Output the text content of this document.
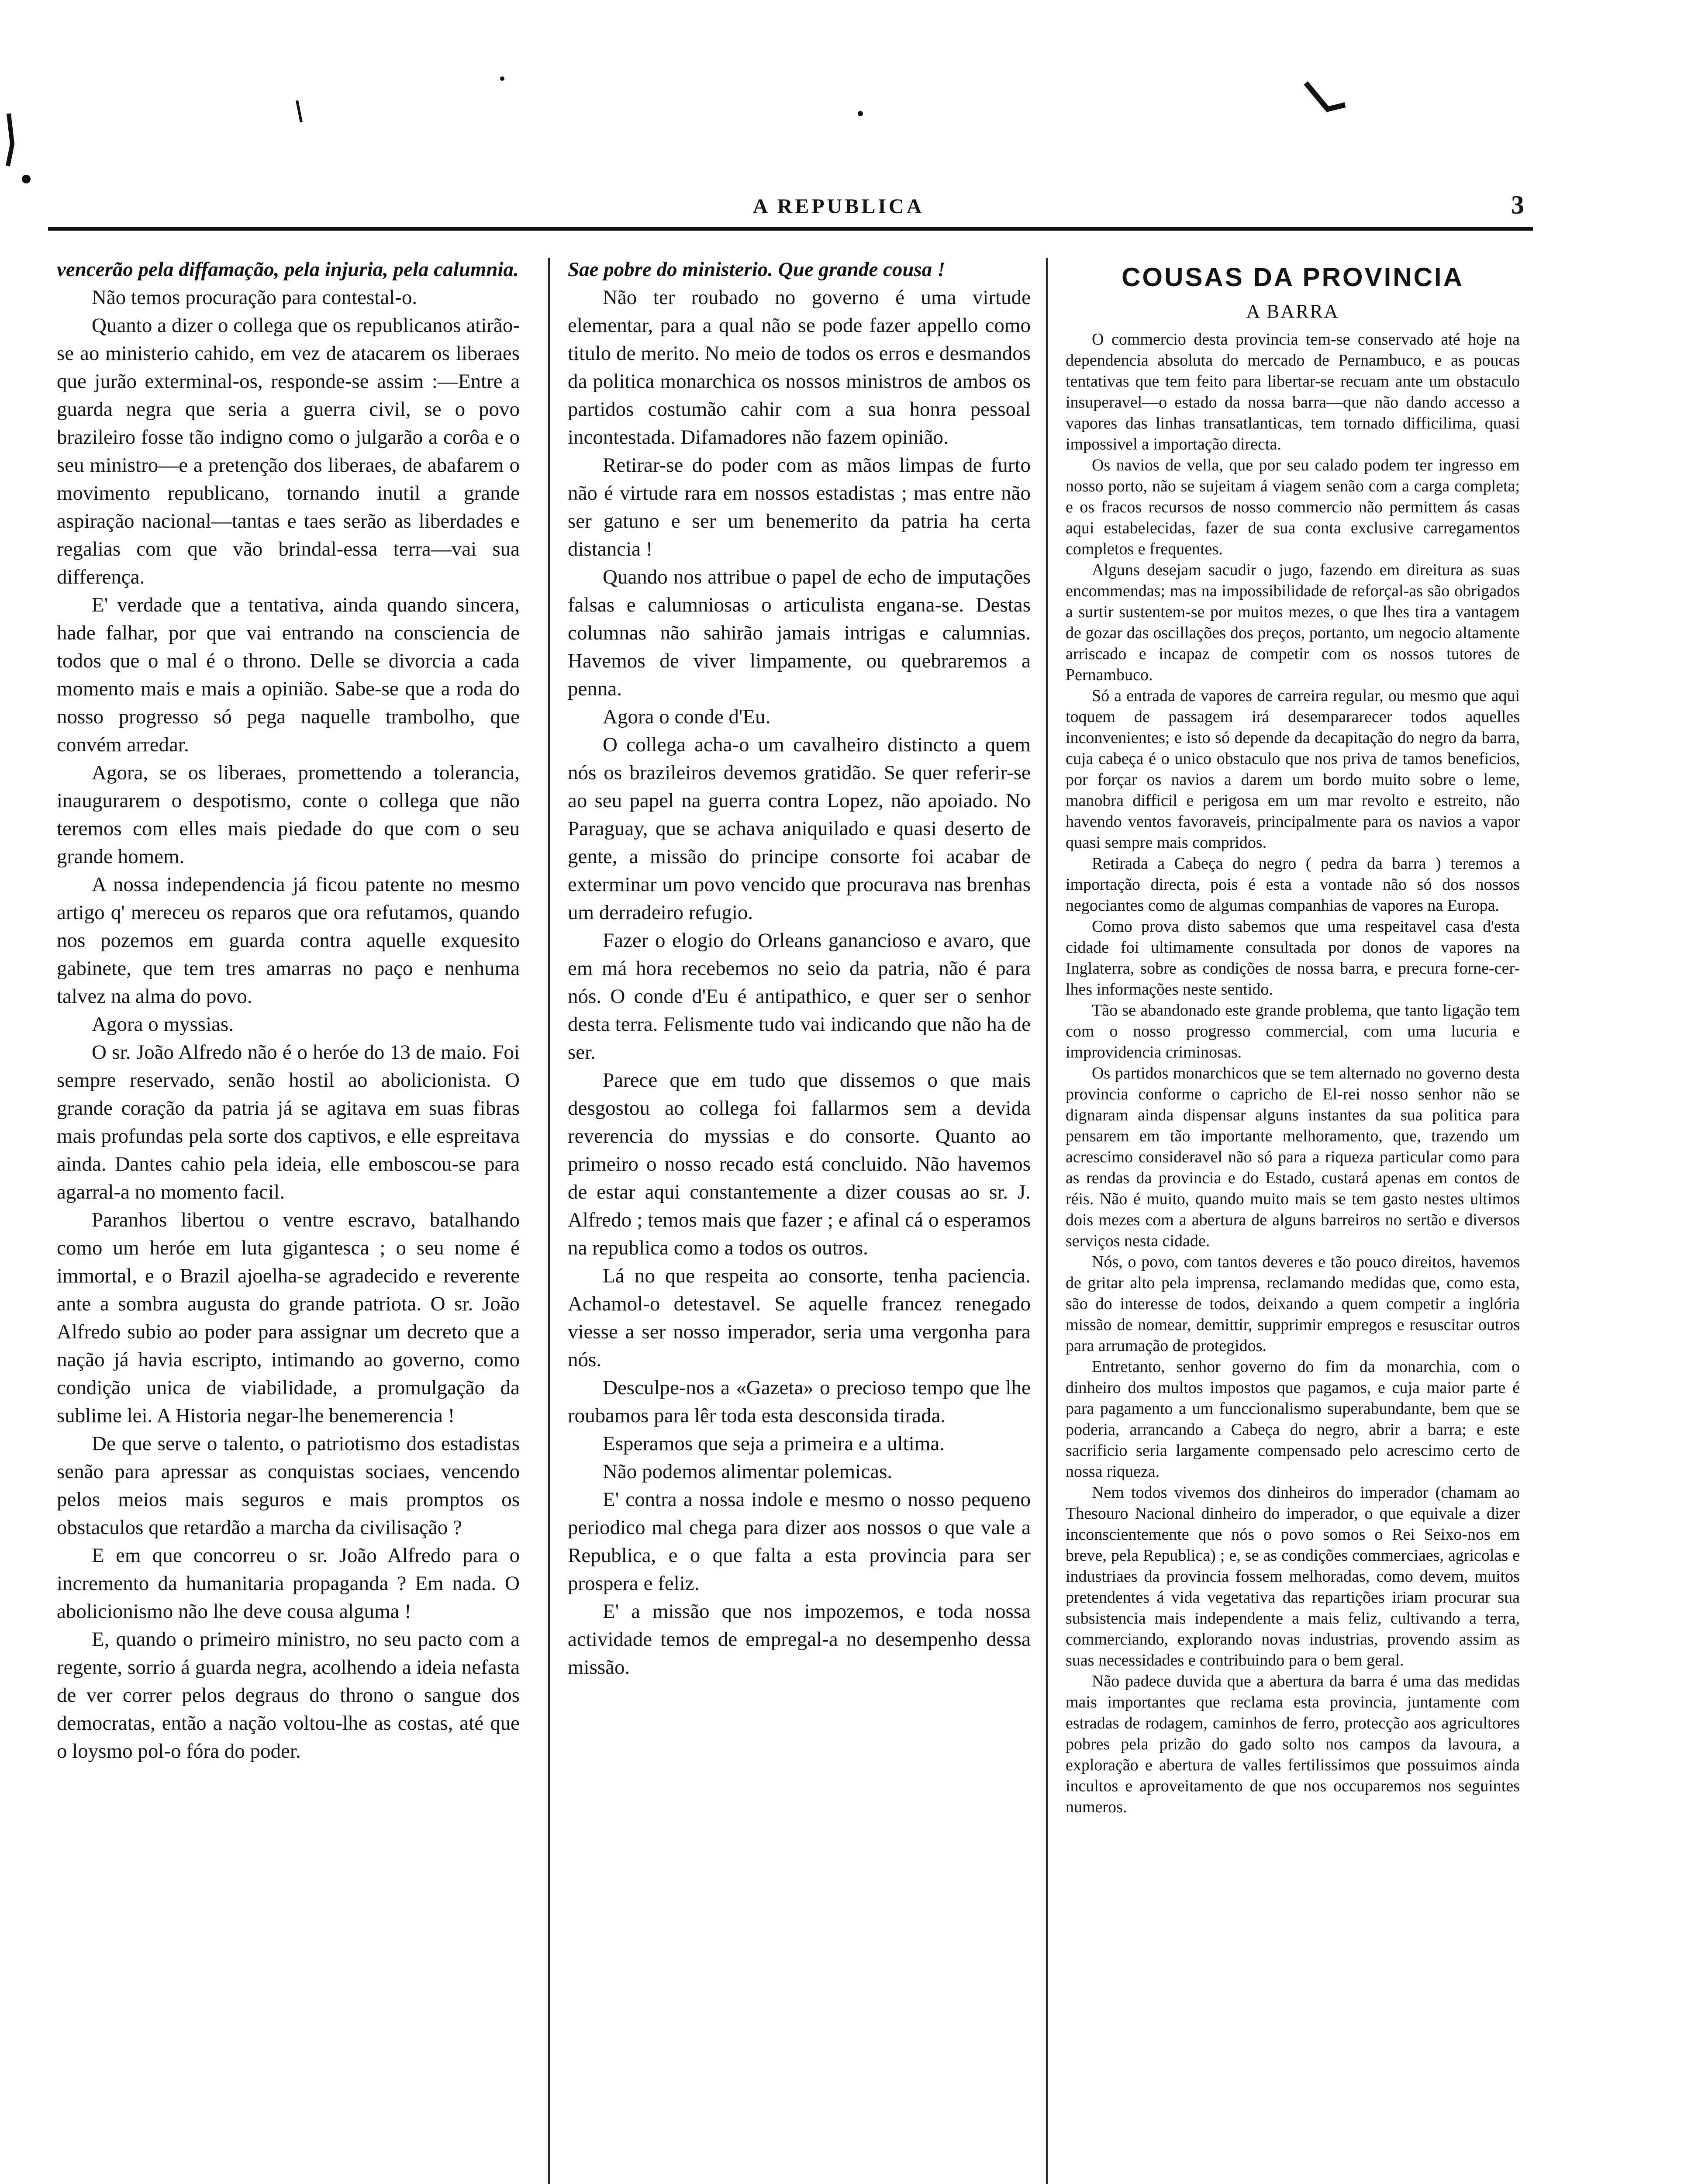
A REPUBLICA	3

vencerão pela diffamação, pela injuria, pela calumnia.

Não temos procuração para contestal-o.

Quanto a dizer o collega que os republicanos atirão-se ao ministerio cahido, em vez de atacarem os liberaes que jurão exterminal-os, responde-se assim :—Entre a guarda negra que seria a guerra civil, se o povo brazileiro fosse tão indigno como o julgarão a corôa e o seu ministro—e a pretenção dos liberaes, de abafarem o movimento republicano, tornando inutil a grande aspiração nacional—tantas e taes serão as liberdades e regalias com que vão brindal-essa terra—vai sua differença.

E' verdade que a tentativa, ainda quando sincera, hade falhar, por que vai entrando na consciencia de todos que o mal é o throno. Delle se divorcia a cada momento mais e mais a opinião. Sabe-se que a roda do nosso progresso só pega naquelle trambolho, que convém arredar.

Agora, se os liberaes, promettendo a tolerancia, inaugurarem o despotismo, conte o collega que não teremos com elles mais piedade do que com o seu grande homem.

A nossa independencia já ficou patente no mesmo artigo q' mereceu os reparos que ora refutamos, quando nos pozemos em guarda contra aquelle exquesito gabinete, que tem tres amarras no paço e nenhuma talvez na alma do povo.

Agora o myssias.

O sr. João Alfredo não é o heróe do 13 de maio. Foi sempre reservado, senão hostil ao abolicionista. O grande coração da patria já se agitava em suas fibras mais profundas pela sorte dos captivos, e elle espreitava ainda. Dantes cahio pela ideia, elle emboscou-se para agarral-a no momento facil.

Paranhos libertou o ventre escravo, batalhando como um heróe em luta gigantesca ; o seu nome é immortal, e o Brazil ajoelha-se agradecido e reverente ante a sombra augusta do grande patriota. O sr. João Alfredo subio ao poder para assignar um decreto que a nação já havia escripto, intimando ao governo, como condição unica de viabilidade, a promulgação da sublime lei. A Historia negar-lhe benemerencia !

De que serve o talento, o patriotismo dos estadistas senão para apressar as conquistas sociaes, vencendo pelos meios mais seguros e mais promptos os obstaculos que retardão a marcha da civilisação ?

E em que concorreu o sr. João Alfredo para o incremento da humanitaria propaganda ? Em nada. O abolicionismo não lhe deve cousa alguma !

E, quando o primeiro ministro, no seu pacto com a regente, sorrio á guarda negra, acolhendo a ideia nefasta de ver correr pelos degraus do throno o sangue dos democratas, então a nação voltou-lhe as costas, até que o loysmo pol-o fóra do poder.

Sae pobre do ministerio. Que grande cousa !

Não ter roubado no governo é uma virtude elementar, para a qual não se pode fazer appello como titulo de merito. No meio de todos os erros e desmandos da politica monarchica os nossos ministros de ambos os partidos costumão cahir com a sua honra pessoal incontestada. Difamadores não fazem opinião.

Retirar-se do poder com as mãos limpas de furto não é virtude rara em nossos estadistas ; mas entre não ser gatuno e ser um benemerito da patria ha certa distancia !

Quando nos attribue o papel de echo de imputações falsas e calumniosas o articulista engana-se. Destas columnas não sahirão jamais intrigas e calumnias. Havemos de viver limpamente, ou quebraremos a penna.

Agora o conde d'Eu.

O collega acha-o um cavalheiro distincto a quem nós os brazileiros devemos gratidão. Se quer referir-se ao seu papel na guerra contra Lopez, não apoiado. No Paraguay, que se achava aniquilado e quasi deserto de gente, a missão do principe consorte foi acabar de exterminar um povo vencido que procurava nas brenhas um derradeiro refugio.

Fazer o elogio do Orleans ganancioso e avaro, que em má hora recebemos no seio da patria, não é para nós. O conde d'Eu é antipathico, e quer ser o senhor desta terra. Felismente tudo vai indicando que não ha de ser.

Parece que em tudo que dissemos o que mais desgostou ao collega foi fallarmos sem a devida reverencia do myssias e do consorte. Quanto ao primeiro o nosso recado está concluido. Não havemos de estar aqui constantemente a dizer cousas ao sr. J. Alfredo ; temos mais que fazer ; e afinal cá o esperamos na republica como a todos os outros.

Lá no que respeita ao consorte, tenha paciencia. Achamol-o detestavel. Se aquelle francez renegado viesse a ser nosso imperador, seria uma vergonha para nós.

Desculpe-nos a «Gazeta» o precioso tempo que lhe roubamos para lêr toda esta desconsida tirada.

Esperamos que seja a primeira e a ultima.

Não podemos alimentar polemicas.

E' contra a nossa indole e mesmo o nosso pequeno periodico mal chega para dizer aos nossos o que vale a Republica, e o que falta a esta provincia para ser prospera e feliz.

E' a missão que nos impozemos, e toda nossa actividade temos de empregal-a no desempenho dessa missão.

COUSAS DA PROVINCIA
A BARRA

O commercio desta provincia tem-se conservado até hoje na dependencia absoluta do mercado de Pernambuco, e as poucas tentativas que tem feito para libertar-se recuam ante um obstaculo insuperavel—o estado da nossa barra—que não dando accesso a vapores das linhas transatlanticas, tem tornado difficilima, quasi impossivel a importação directa.

Os navios de vella, que por seu calado podem ter ingresso em nosso porto, não se sujeitam á viagem senão com a carga completa; e os fracos recursos de nosso commercio não permittem ás casas aqui estabelecidas, fazer de sua conta exclusive carregamentos completos e frequentes.

Alguns desejam sacudir o jugo, fazendo em direitura as suas encommendas; mas na impossibilidade de reforçal-as são obrigados a surtir sustentem-se por muitos mezes, o que lhes tira a vantagem de gozar das oscillações dos preços, portanto, um negocio altamente arriscado e incapaz de competir com os nossos tutores de Pernambuco.

Só a entrada de vapores de carreira regular, ou mesmo que aqui toquem de passagem irá desempararecer todos aquelles inconvenientes; e isto só depende da decapitação do negro da barra, cuja cabeça é o unico obstaculo que nos priva de tamos beneficios, por forçar os navios a darem um bordo muito sobre o leme, manobra difficil e perigosa em um mar revolto e estreito, não havendo ventos favoraveis, principalmente para os navios a vapor quasi sempre mais compridos.

Retirada a Cabeça do negro ( pedra da barra ) teremos a importação directa, pois é esta a vontade não só dos nossos negociantes como de algumas companhias de vapores na Europa.

Como prova disto sabemos que uma respeitavel casa d'esta cidade foi ultimamente consultada por donos de vapores na Inglaterra, sobre as condições de nossa barra, e precura forne-cer-lhes informações neste sentido.

Tão se abandonado este grande problema, que tanto ligação tem com o nosso progresso commercial, com uma lucuria e improvidencia criminosas.

Os partidos monarchicos que se tem alternado no governo desta provincia conforme o capricho de El-rei nosso senhor não se dignaram ainda dispensar alguns instantes da sua politica para pensarem em tão importante melhoramento, que, trazendo um acrescimo consideravel não só para a riqueza particular como para as rendas da provincia e do Estado, custará apenas em contos de réis. Não é muito, quando muito mais se tem gasto nestes ultimos dois mezes com a abertura de alguns barreiros no sertão e diversos serviços nesta cidade.

Nós, o povo, com tantos deveres e tão pouco direitos, havemos de gritar alto pela imprensa, reclamando medidas que, como esta, são do interesse de todos, deixando a quem competir a inglória missão de nomear, demittir, supprimir empregos e resuscitar outros para arrumação de protegidos.

Entretanto, senhor governo do fim da monarchia, com o dinheiro dos multos impostos que pagamos, e cuja maior parte é para pagamento a um funccionalismo superabundante, bem que se poderia, arrancando a Cabeça do negro, abrir a barra; e este sacrificio seria largamente compensado pelo acrescimo certo de nossa riqueza.

Nem todos vivemos dos dinheiros do imperador (chamam ao Thesouro Nacional dinheiro do imperador, o que equivale a dizer inconscientemente que nós o povo somos o Rei Seixo-nos em breve, pela Republica) ; e, se as condições commerciaes, agricolas e industriaes da provincia fossem melhoradas, como devem, muitos pretendentes á vida vegetativa das repartições iriam procurar sua subsistencia mais independente a mais feliz, cultivando a terra, commerciando, explorando novas industrias, provendo assim as suas necessidades e contribuindo para o bem geral.

Não padece duvida que a abertura da barra é uma das medidas mais importantes que reclama esta provincia, juntamente com estradas de rodagem, caminhos de ferro, protecção aos agricultores pobres pela prizão do gado solto nos campos da lavoura, a exploração e abertura de valles fertilissimos que possuimos ainda incultos e aproveitamento de que nos occuparemos nos seguintes numeros.
